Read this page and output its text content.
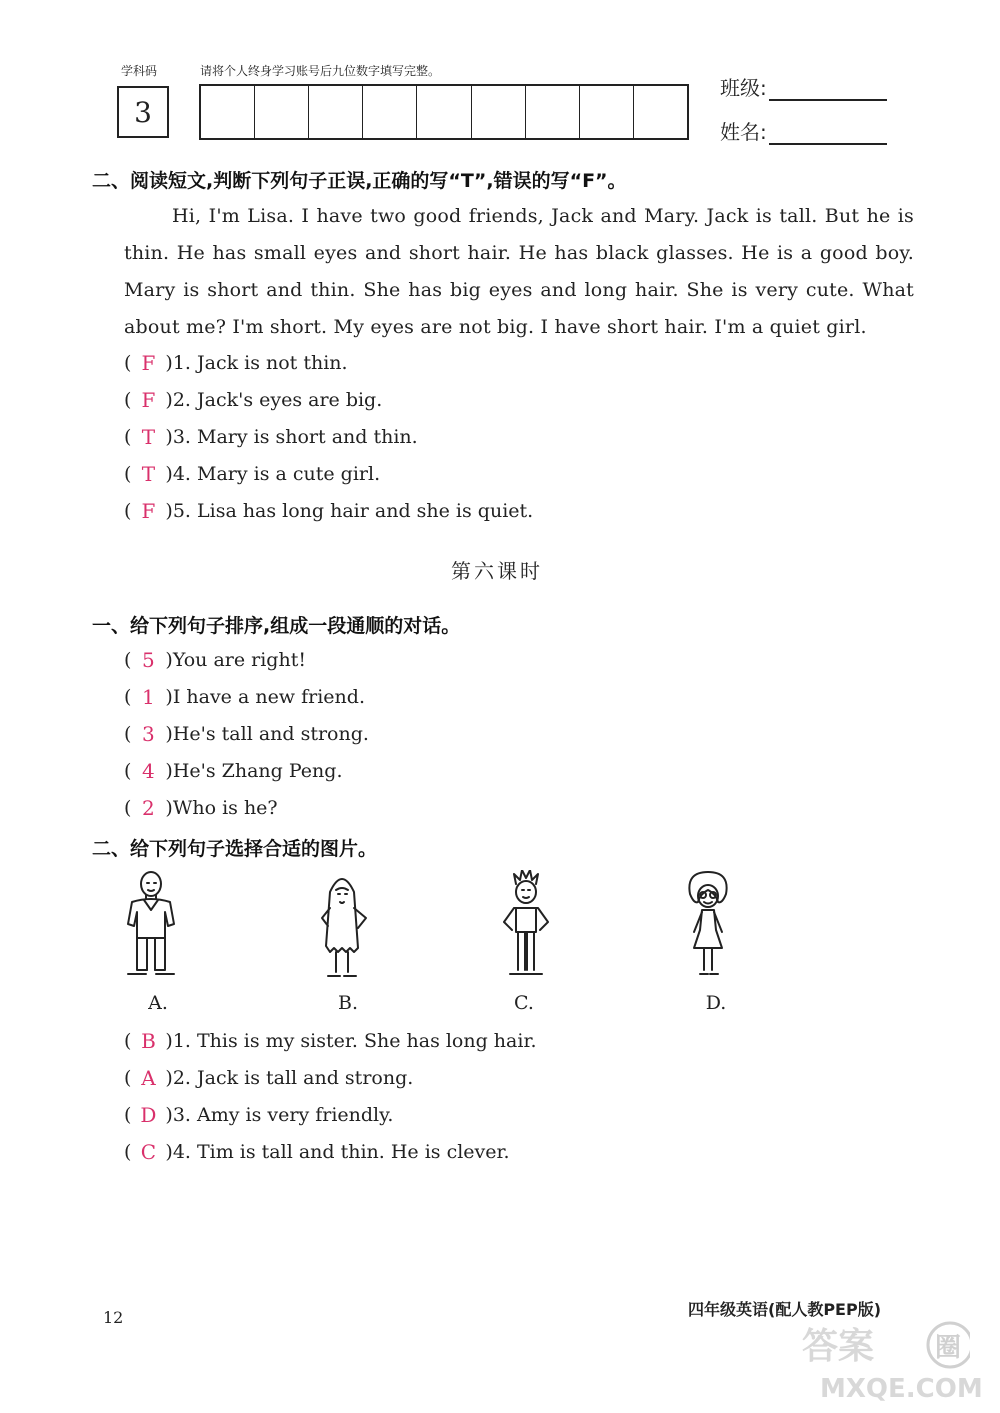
学科码	请将个人终身学习账号后九位数字填写完整。
3
班级:
姓名:
二、阅读短文,判断下列句子正误,正确的写“T”,错误的写“F”。
Hi, I'm Lisa. I have two good friends, Jack and Mary. Jack is tall. But he is thin. He has small eyes and short hair. He has black glasses. He is a good boy. Mary is short and thin. She has big eyes and long hair. She is very cute. What about me? I'm short. My eyes are not big. I have short hair. I'm a quiet girl.
( F )1. Jack is not thin.
( F )2. Jack's eyes are big.
( T )3. Mary is short and thin.
( T )4. Mary is a cute girl.
( F )5. Lisa has long hair and she is quiet.
第六课时
一、给下列句子排序,组成一段通顺的对话。
( 5 )You are right!
( 1 )I have a new friend.
( 3 )He's tall and strong.
( 4 )He's Zhang Peng.
( 2 )Who is he?
二、给下列句子选择合适的图片。
A.	B.	C.	D.
( B )1. This is my sister. She has long hair.
( A )2. Jack is tall and strong.
( D )3. Amy is very friendly.
( C )4. Tim is tall and thin. He is clever.
12	四年级英语(配人教PEP版)
答案 圈
MXQE.COM
